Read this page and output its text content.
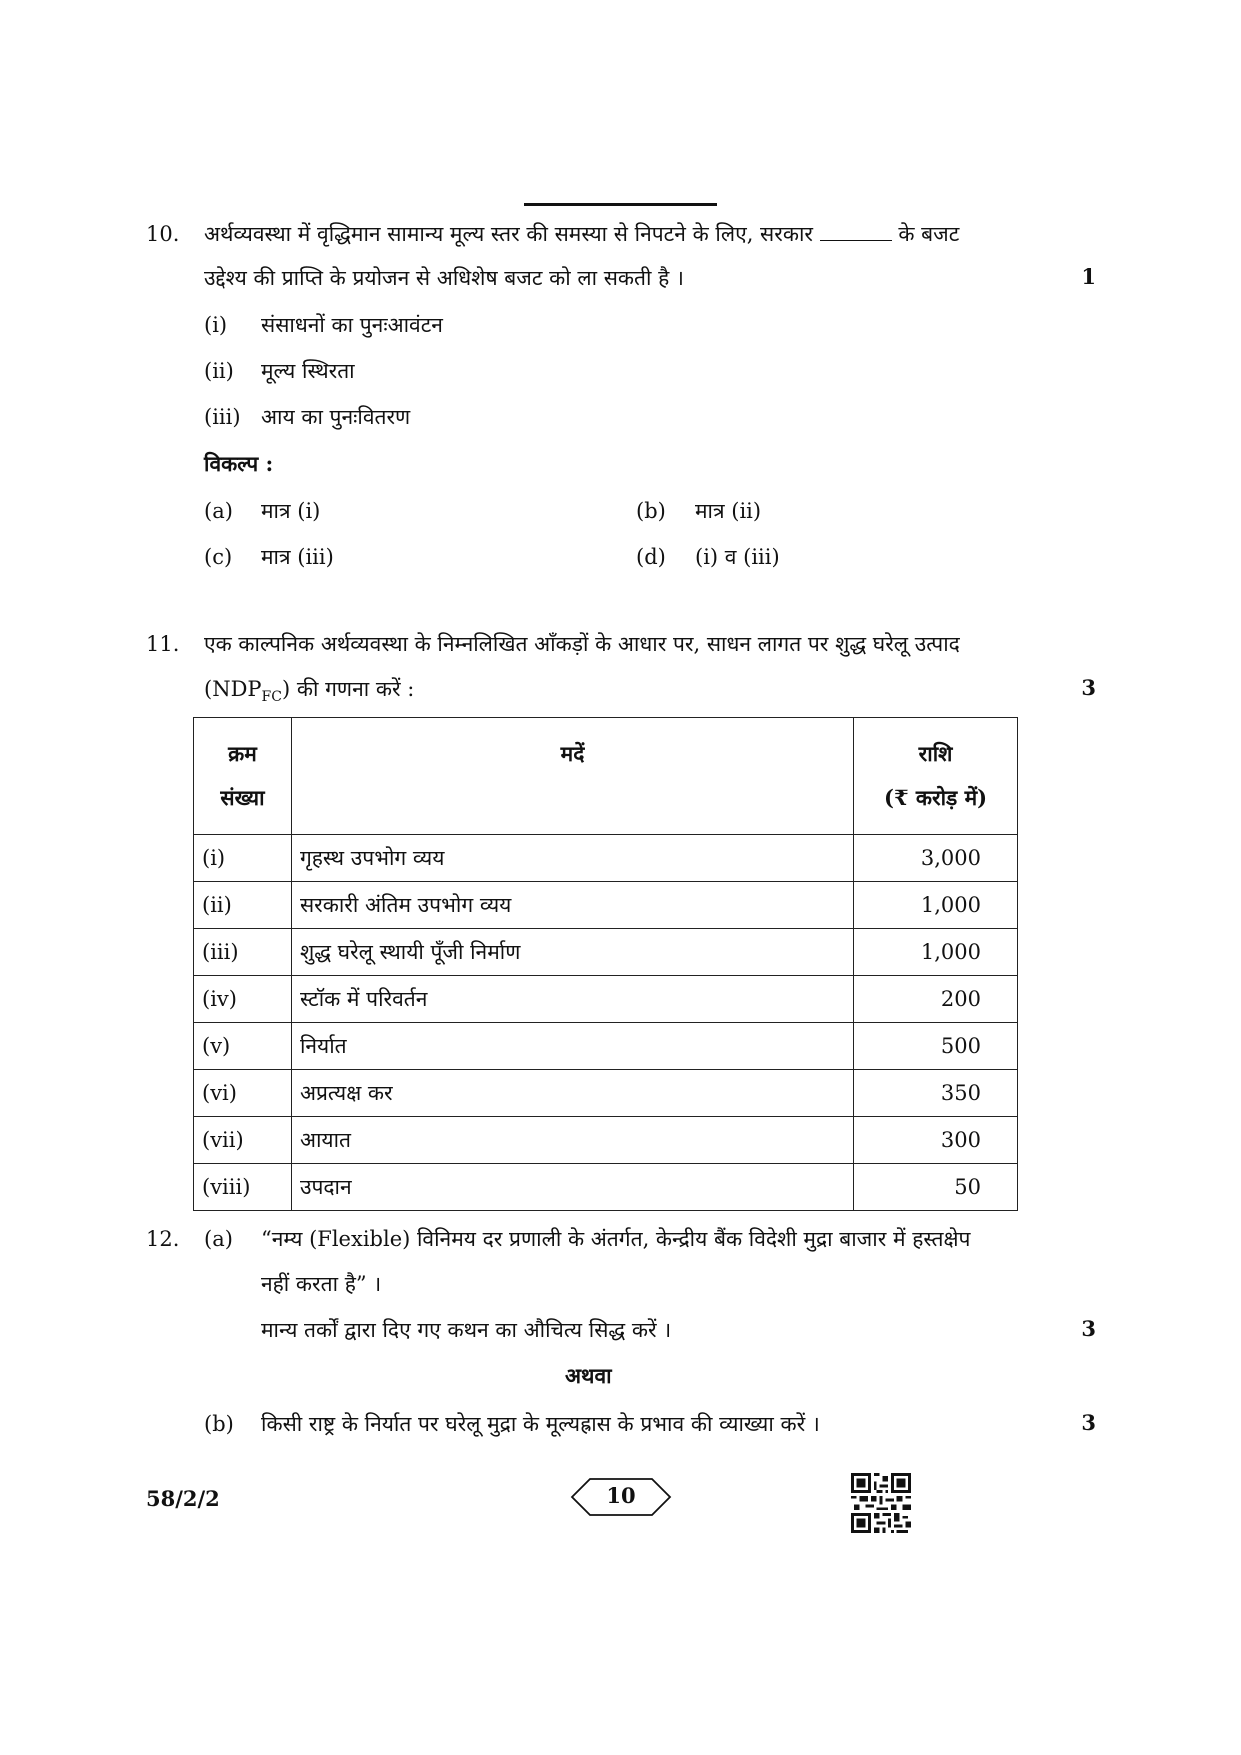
10. अर्थव्यवस्था में वृद्धिमान सामान्य मूल्य स्तर की समस्या से निपटने के लिए, सरकार	के बजट
उद्देश्य की प्राप्ति के प्रयोजन से अधिशेष बजट को ला सकती है ।	1
(i) संसाधनों का पुनःआवंटन
(ii) मूल्य स्थिरता
(iii) आय का पुनःवितरण
विकल्प :
(a) मात्र (i)	(b) मात्र (ii)
(c) मात्र (iii)	(d) (i) व (iii)
11. एक काल्पनिक अर्थव्यवस्था के निम्नलिखित आँकड़ों के आधार पर, साधन लागत पर शुद्ध घरेलू उत्पाद
$(NDP_{FC})$ की गणना करें :	3
क्रम
संख्या	मदें	राशि
(₹ करोड़ में)
(i)	गृहस्थ उपभोग व्यय	3,000
(ii)	सरकारी अंतिम उपभोग व्यय	1,000
(iii)	शुद्ध घरेलू स्थायी पूँजी निर्माण	1,000
(iv)	स्टॉक में परिवर्तन	200
(v)	निर्यात	500
(vi)	अप्रत्यक्ष कर	350
(vii)	आयात	300
(viii)	उपदान	50
12. (a) “नम्य (Flexible) विनिमय दर प्रणाली के अंतर्गत, केन्द्रीय बैंक विदेशी मुद्रा बाजार में हस्तक्षेप
नहीं करता है” ।
मान्य तर्कों द्वारा दिए गए कथन का औचित्य सिद्ध करें ।	3
अथवा
(b) किसी राष्ट्र के निर्यात पर घरेलू मुद्रा के मूल्यह्रास के प्रभाव की व्याख्या करें ।	3
58/2/2	10
